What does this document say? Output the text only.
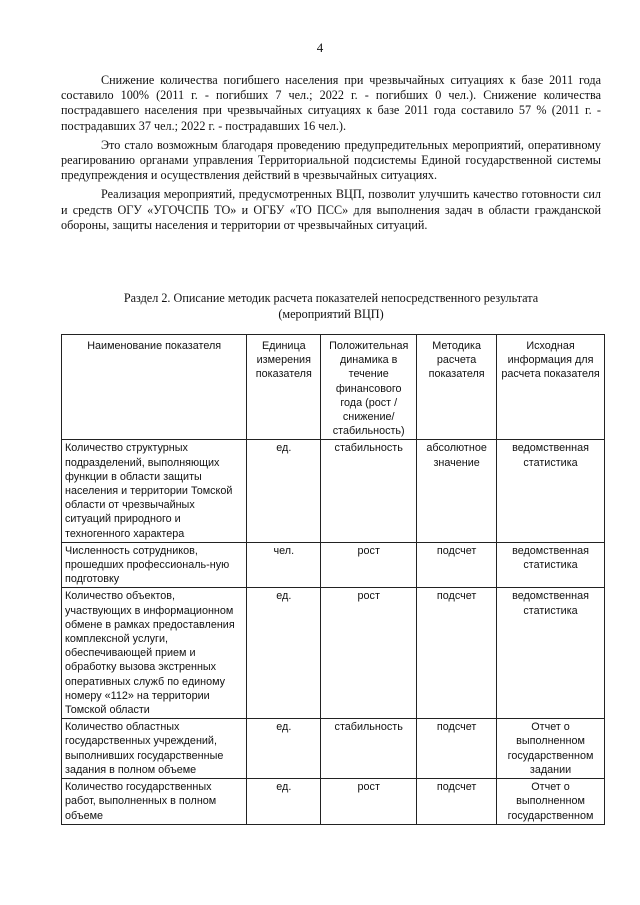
4

Снижение количества погибшего населения при чрезвычайных ситуациях к базе 2011 года составило 100% (2011 г. - погибших 7 чел.; 2022 г. - погибших 0 чел.). Снижение количества пострадавшего населения при чрезвычайных ситуациях к базе 2011 года составило 57 % (2011 г. - пострадавших 37 чел.; 2022 г. - пострадавших 16 чел.).

Это стало возможным благодаря проведению предупредительных мероприятий, оперативному реагированию органами управления Территориальной подсистемы Единой государственной системы предупреждения и осуществления действий в чрезвычайных ситуациях.

Реализация мероприятий, предусмотренных ВЦП, позволит улучшить качество готовности сил и средств ОГУ «УГОЧСПБ ТО» и ОГБУ «ТО ПСС» для выполнения задач в области гражданской обороны, защиты населения и территории от чрезвычайных ситуаций.

Раздел 2. Описание методик расчета показателей непосредственного результата
(мероприятий ВЦП)
Наименование показателя	Единица измерения показателя	Положительная динамика в течение финансового года (рост / снижение/ стабильность)	Методика расчета показателя	Исходная информация для расчета показателя
Количество структурных подразделений, выполняющих функции в области защиты населения и территории Томской области от чрезвычайных ситуаций природного и техногенного характера	ед.	стабильность	абсолютное значение	ведомственная статистика
Численность сотрудников, прошедших профессиональ-ную подготовку	чел.	рост	подсчет	ведомственная статистика
Количество объектов, участвующих в информационном обмене в рамках предоставления комплексной услуги, обеспечивающей прием и обработку вызова экстренных оперативных служб по единому номеру «112» на территории Томской области	ед.	рост	подсчет	ведомственная статистика
Количество областных государственных учреждений, выполнивших государственные задания в полном объеме	ед.	стабильность	подсчет	Отчет о выполненном государственном задании
Количество государственных работ, выполненных в полном объеме	ед.	рост	подсчет	Отчет о выполненном государственном
